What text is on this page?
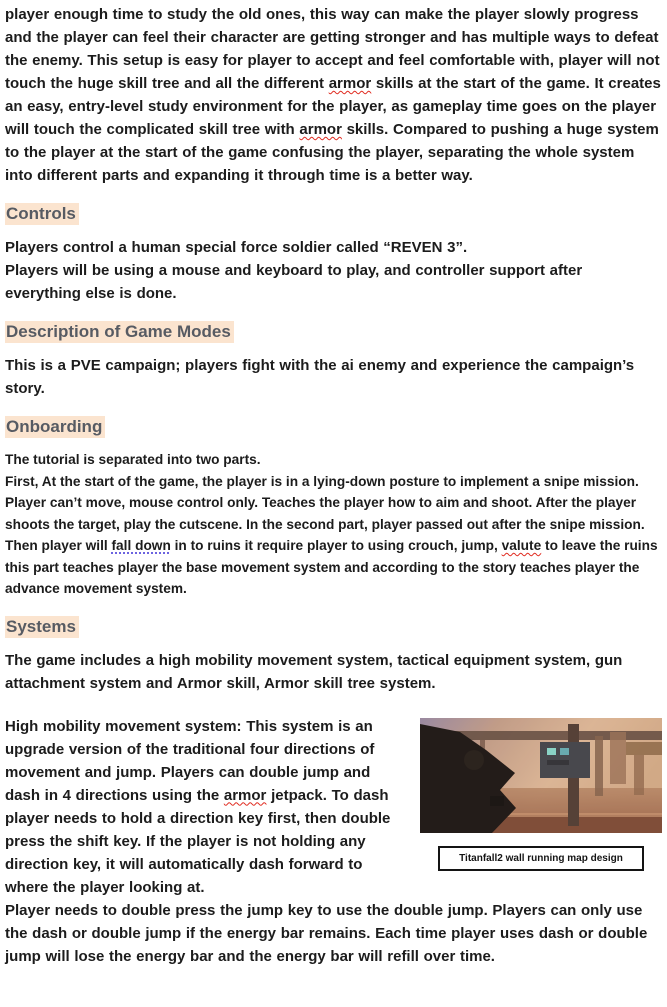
player enough time to study the old ones, this way can make the player slowly progress and the player can feel their character are getting stronger and has multiple ways to defeat the enemy. This setup is easy for player to accept and feel comfortable with, player will not touch the huge skill tree and all the different armor skills at the start of the game. It creates an easy, entry-level study environment for the player, as gameplay time goes on the player will touch the complicated skill tree with armor skills. Compared to pushing a huge system to the player at the start of the game confusing the player, separating the whole system into different parts and expanding it through time is a better way.

Controls

Players control a human special force soldier called “REVEN 3”.

Players will be using a mouse and keyboard to play, and controller support after everything else is done.

Description of Game Modes

This is a PVE campaign; players fight with the ai enemy and experience the campaign’s story.

Onboarding

The tutorial is separated into two parts.

First, At the start of the game, the player is in a lying-down posture to implement a snipe mission. Player can’t move, mouse control only. Teaches the player how to aim and shoot. After the player shoots the target, play the cutscene. In the second part, player passed out after the snipe mission. Then player will fall down in to ruins it require player to using crouch, jump, valute to leave the ruins this part teaches player the base movement system and according to the story teaches player the advance movement system.

Systems

The game includes a high mobility movement system, tactical equipment system, gun attachment system and Armor skill, Armor skill tree system.

Titanfall2 wall running map design

High mobility movement system: This system is an upgrade version of the traditional four directions of movement and jump. Players can double jump and dash in 4 directions using the armor jetpack. To dash player needs to hold a direction key first, then double press the shift key. If the player is not holding any direction key, it will automatically dash forward to where the player looking at.

Player needs to double press the jump key to use the double jump. Players can only use the dash or double jump if the energy bar remains. Each time player uses dash or double jump will lose the energy bar and the energy bar will refill over time.
